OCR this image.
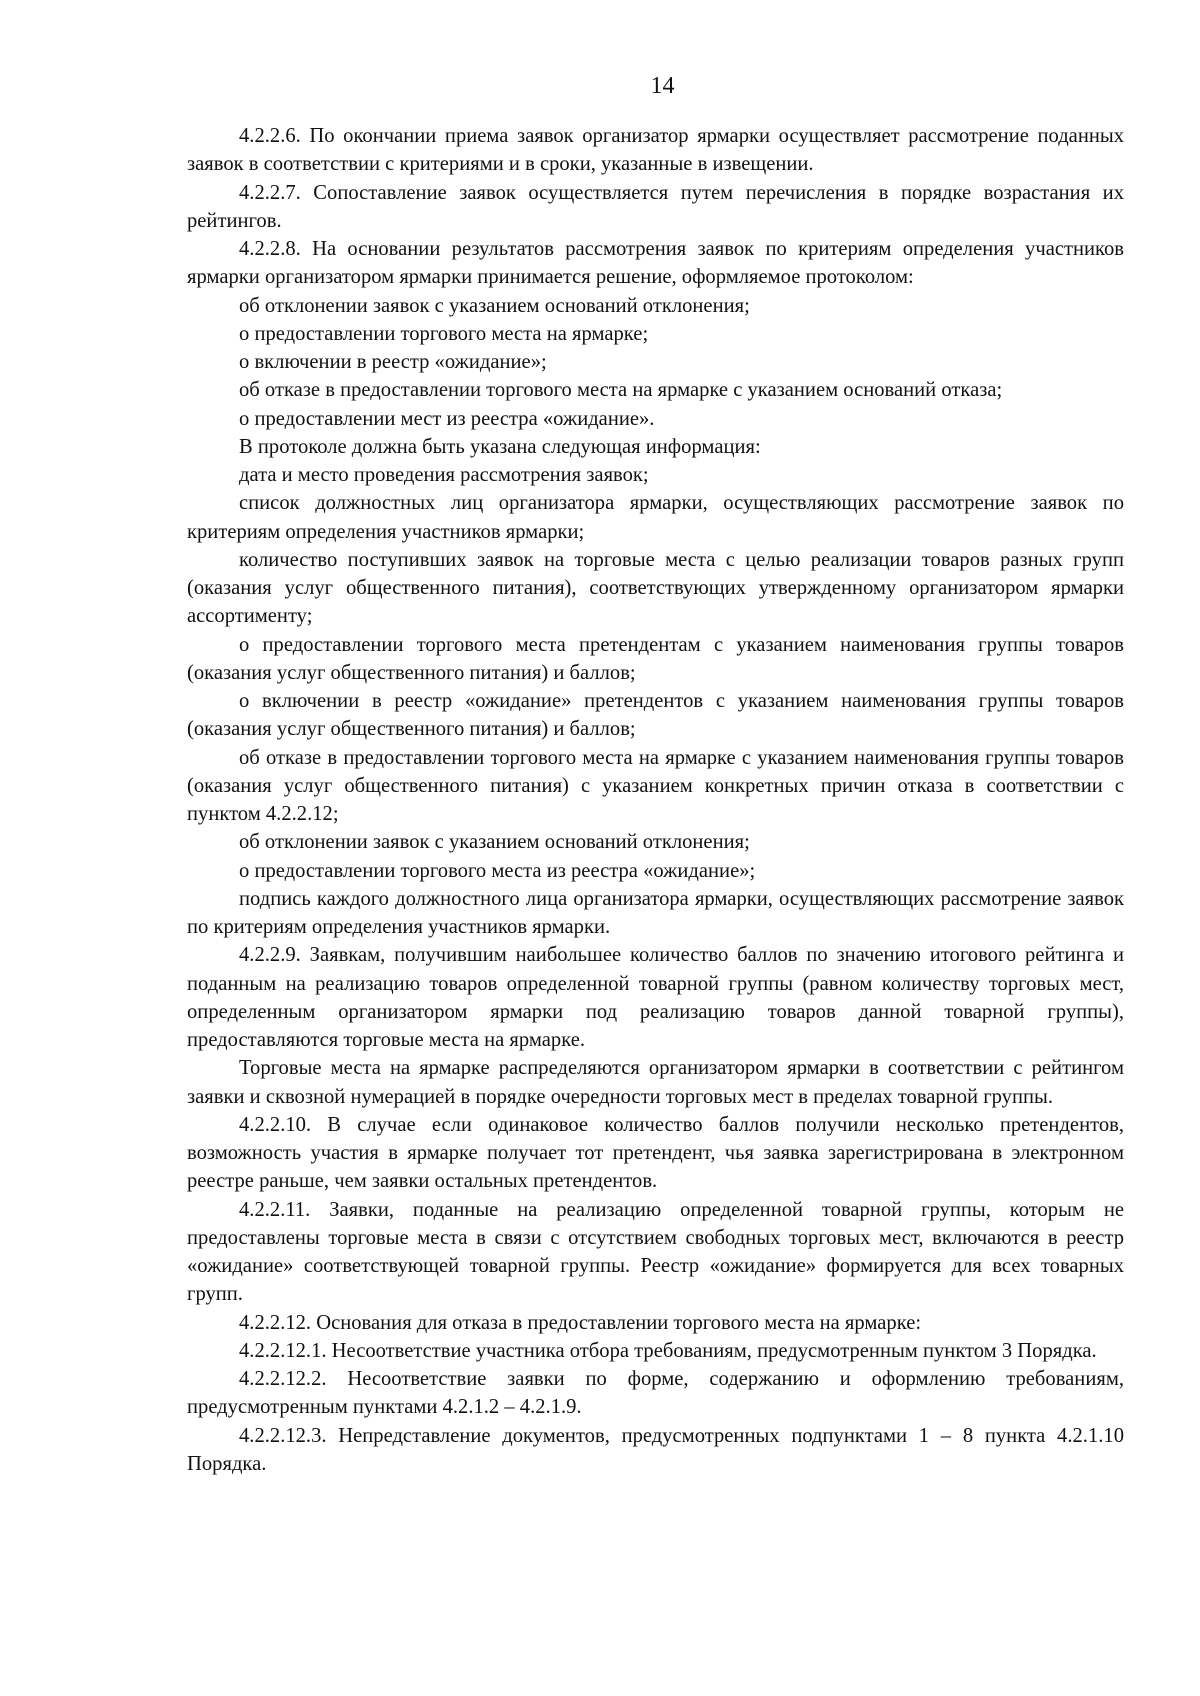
14

4.2.2.6. По окончании приема заявок организатор ярмарки осуществляет рассмотрение поданных заявок в соответствии с критериями и в сроки, указанные в извещении.

4.2.2.7. Сопоставление заявок осуществляется путем перечисления в порядке возрастания их рейтингов.

4.2.2.8. На основании результатов рассмотрения заявок по критериям определения участников ярмарки организатором ярмарки принимается решение, оформляемое протоколом:

об отклонении заявок с указанием оснований отклонения;

о предоставлении торгового места на ярмарке;

о включении в реестр «ожидание»;

об отказе в предоставлении торгового места на ярмарке с указанием оснований отказа;

о предоставлении мест из реестра «ожидание».

В протоколе должна быть указана следующая информация:

дата и место проведения рассмотрения заявок;

список должностных лиц организатора ярмарки, осуществляющих рассмотрение заявок по критериям определения участников ярмарки;

количество поступивших заявок на торговые места с целью реализации товаров разных групп (оказания услуг общественного питания), соответствующих утвержденному организатором ярмарки ассортименту;

о предоставлении торгового места претендентам с указанием наименования группы товаров (оказания услуг общественного питания) и баллов;

о включении в реестр «ожидание» претендентов с указанием наименования группы товаров (оказания услуг общественного питания) и баллов;

об отказе в предоставлении торгового места на ярмарке с указанием наименования группы товаров (оказания услуг общественного питания) с указанием конкретных причин отказа в соответствии с пунктом 4.2.2.12;

об отклонении заявок с указанием оснований отклонения;

о предоставлении торгового места из реестра «ожидание»;

подпись каждого должностного лица организатора ярмарки, осуществляющих рассмотрение заявок по критериям определения участников ярмарки.

4.2.2.9. Заявкам, получившим наибольшее количество баллов по значению итогового рейтинга и поданным на реализацию товаров определенной товарной группы (равном количеству торговых мест, определенным организатором ярмарки под реализацию товаров данной товарной группы), предоставляются торговые места на ярмарке.

Торговые места на ярмарке распределяются организатором ярмарки в соответствии с рейтингом заявки и сквозной нумерацией в порядке очередности торговых мест в пределах товарной группы.

4.2.2.10. В случае если одинаковое количество баллов получили несколько претендентов, возможность участия в ярмарке получает тот претендент, чья заявка зарегистрирована в электронном реестре раньше, чем заявки остальных претендентов.

4.2.2.11. Заявки, поданные на реализацию определенной товарной группы, которым не предоставлены торговые места в связи с отсутствием свободных торговых мест, включаются в реестр «ожидание» соответствующей товарной группы. Реестр «ожидание» формируется для всех товарных групп.

4.2.2.12. Основания для отказа в предоставлении торгового места на ярмарке:

4.2.2.12.1. Несоответствие участника отбора требованиям, предусмотренным пунктом 3 Порядка.

4.2.2.12.2. Несоответствие заявки по форме, содержанию и оформлению требованиям, предусмотренным пунктами 4.2.1.2 – 4.2.1.9.

4.2.2.12.3. Непредставление документов, предусмотренных подпунктами 1 – 8 пункта 4.2.1.10 Порядка.
